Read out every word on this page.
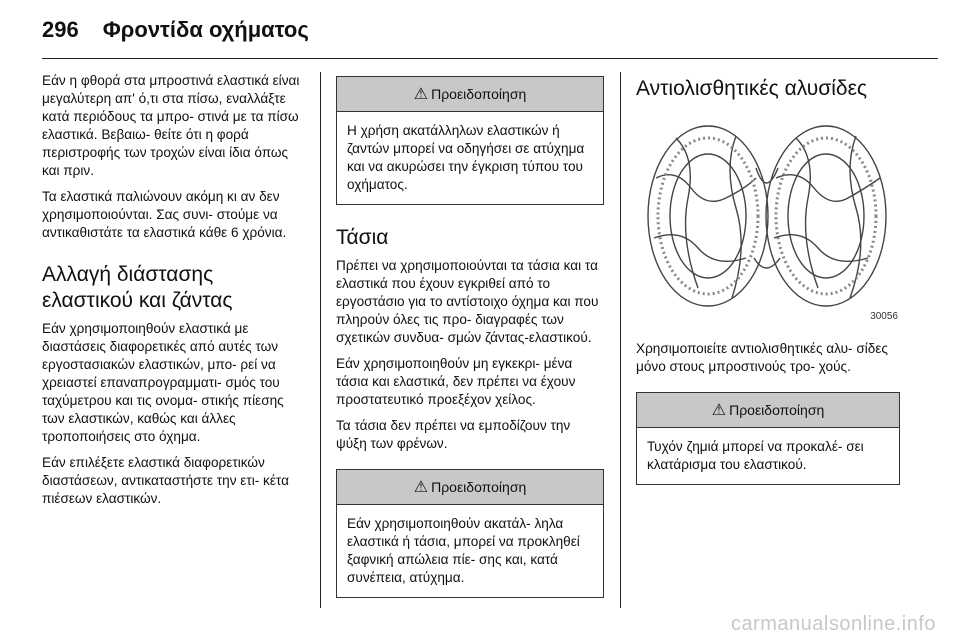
296 Φροντίδα οχήματος

Εάν η φθορά στα μπροστινά ελαστικά είναι μεγαλύτερη απ' ό,τι στα πίσω, εναλλάξτε κατά περιόδους τα μπρο- στινά με τα πίσω ελαστικά. Βεβαιω- θείτε ότι η φορά περιστροφής των τροχών είναι ίδια όπως και πριν.

Τα ελαστικά παλιώνουν ακόμη κι αν δεν χρησιμοποιούνται. Σας συνι- στούμε να αντικαθιστάτε τα ελαστικά κάθε 6 χρόνια.

Αλλαγή διάστασης ελαστικού και ζάντας

Εάν χρησιμοποιηθούν ελαστικά με διαστάσεις διαφορετικές από αυτές των εργοστασιακών ελαστικών, μπο- ρεί να χρειαστεί επαναπρογραμματι- σμός του ταχύμετρου και τις ονομα- στικής πίεσης των ελαστικών, καθώς και άλλες τροποποιήσεις στο όχημα.

Εάν επιλέξετε ελαστικά διαφορετικών διαστάσεων, αντικαταστήστε την ετι- κέτα πιέσεων ελαστικών.

⚠ Προειδοποίηση
Η χρήση ακατάλληλων ελαστικών ή ζαντών μπορεί να οδηγήσει σε ατύχημα και να ακυρώσει την έγκριση τύπου του οχήματος.
Τάσια

Πρέπει να χρησιμοποιούνται τα τάσια και τα ελαστικά που έχουν εγκριθεί από το εργοστάσιο για το αντίστοιχο όχημα και που πληρούν όλες τις προ- διαγραφές των σχετικών συνδυα- σμών ζάντας-ελαστικού.

Εάν χρησιμοποιηθούν μη εγκεκρι- μένα τάσια και ελαστικά, δεν πρέπει να έχουν προστατευτικό προεξέχον χείλος.

Τα τάσια δεν πρέπει να εμποδίζουν την ψύξη των φρένων.

⚠ Προειδοποίηση
Εάν χρησιμοποιηθούν ακατάλ- ληλα ελαστικά ή τάσια, μπορεί να προκληθεί ξαφνική απώλεια πίε- σης και, κατά συνέπεια, ατύχημα.
Αντιολισθητικές αλυσίδες
30056

Χρησιμοποιείτε αντιολισθητικές αλυ- σίδες μόνο στους μπροστινούς τρο- χούς.

⚠ Προειδοποίηση
Τυχόν ζημιά μπορεί να προκαλέ- σει κλατάρισμα του ελαστικού.
carmanualsonline.info
